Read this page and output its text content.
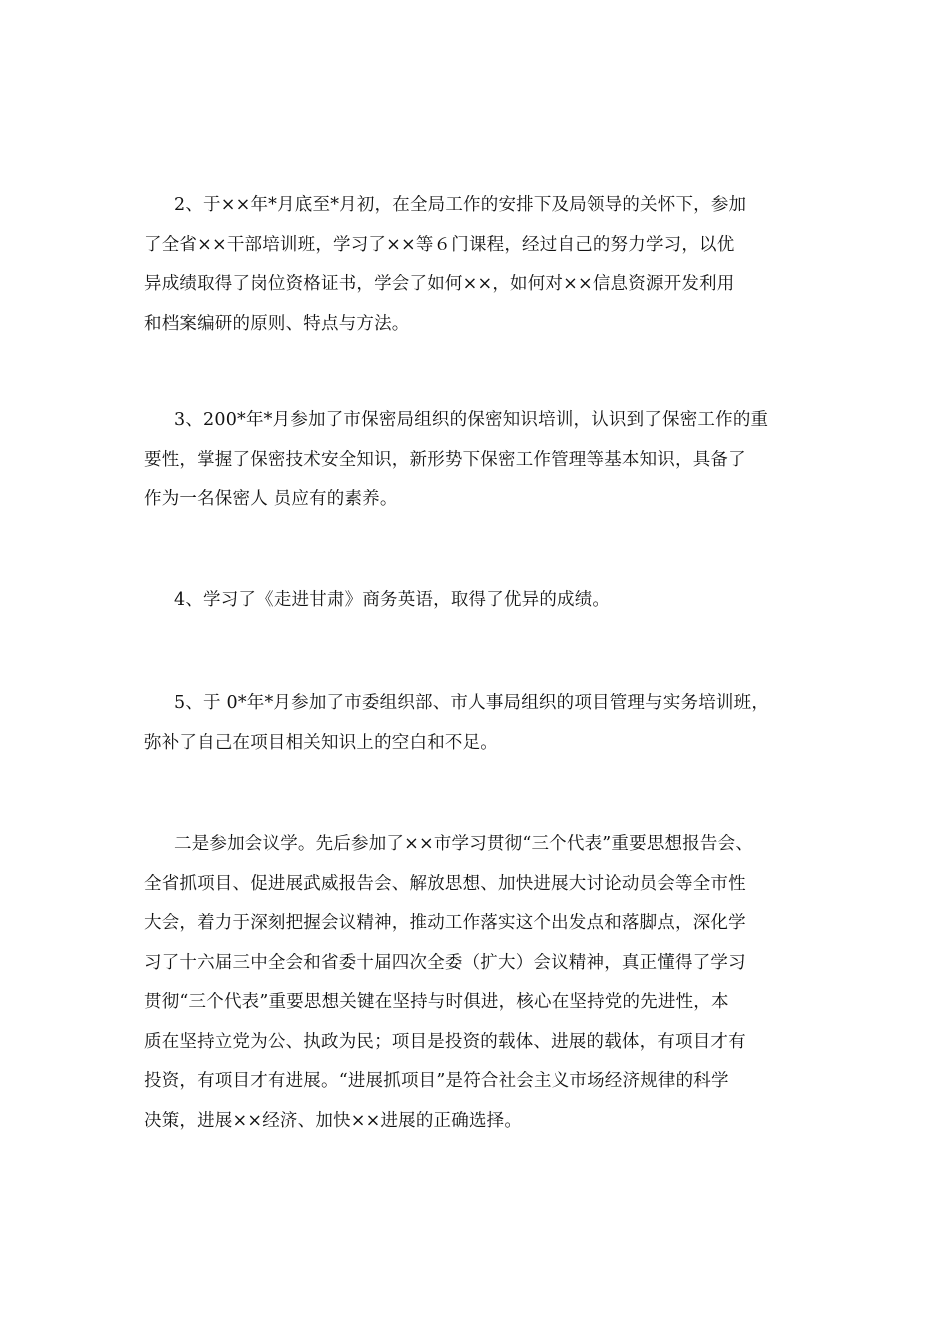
2、于××年*月底至*月初，在全局工作的安排下及局领导的关怀下，参加
了全省××干部培训班，学习了××等６门课程，经过自己的努力学习，以优
异成绩取得了岗位资格证书，学会了如何××，如何对××信息资源开发利用
和档案编研的原则、特点与方法。
3、200*年*月参加了市保密局组织的保密知识培训，认识到了保密工作的重
要性，掌握了保密技术安全知识，新形势下保密工作管理等基本知识，具备了
作为一名保密人 员应有的素养。
4、学习了《走进甘肃》商务英语，取得了优异的成绩。
5、于 0*年*月参加了市委组织部、市人事局组织的项目管理与实务培训班，
弥补了自己在项目相关知识上的空白和不足。
二是参加会议学。先后参加了××市学习贯彻“三个代表”重要思想报告会、
全省抓项目、促进展武威报告会、解放思想、加快进展大讨论动员会等全市性
大会，着力于深刻把握会议精神，推动工作落实这个出发点和落脚点，深化学
习了十六届三中全会和省委十届四次全委（扩大）会议精神，真正懂得了学习
贯彻“三个代表”重要思想关键在坚持与时俱进，核心在坚持党的先进性，本
质在坚持立党为公、执政为民；项目是投资的载体、进展的载体，有项目才有
投资，有项目才有进展。“进展抓项目”是符合社会主义市场经济规律的科学
决策，进展××经济、加快××进展的正确选择。
